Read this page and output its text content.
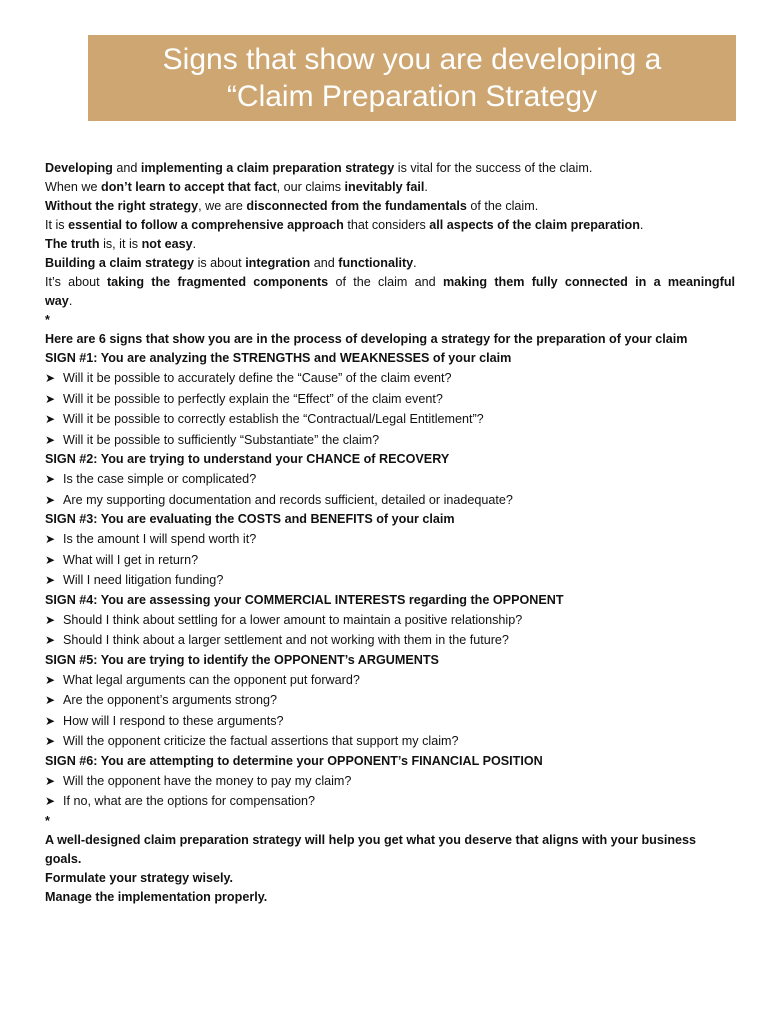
Signs that show you are developing a
“Claim Preparation Strategy
Developing and implementing a claim preparation strategy is vital for the success of the claim.
When we don’t learn to accept that fact, our claims inevitably fail.
Without the right strategy, we are disconnected from the fundamentals of the claim.
It is essential to follow a comprehensive approach that considers all aspects of the claim preparation.
The truth is, it is not easy.
Building a claim strategy is about integration and functionality.
It’s about taking the fragmented components of the claim and making them fully connected in a meaningful
way.
*
Here are 6 signs that show you are in the process of developing a strategy for the preparation of your claim
SIGN #1: You are analyzing the STRENGTHS and WEAKNESSES of your claim
➤ Will it be possible to accurately define the “Cause” of the claim event?
➤ Will it be possible to perfectly explain the “Effect” of the claim event?
➤ Will it be possible to correctly establish the “Contractual/Legal Entitlement”?
➤ Will it be possible to sufficiently “Substantiate” the claim?
SIGN #2: You are trying to understand your CHANCE of RECOVERY
➤ Is the case simple or complicated?
➤ Are my supporting documentation and records sufficient, detailed or inadequate?
SIGN #3: You are evaluating the COSTS and BENEFITS of your claim
➤ Is the amount I will spend worth it?
➤ What will I get in return?
➤ Will I need litigation funding?
SIGN #4: You are assessing your COMMERCIAL INTERESTS regarding the OPPONENT
➤ Should I think about settling for a lower amount to maintain a positive relationship?
➤ Should I think about a larger settlement and not working with them in the future?
SIGN #5: You are trying to identify the OPPONENT’s ARGUMENTS
➤ What legal arguments can the opponent put forward?
➤ Are the opponent’s arguments strong?
➤ How will I respond to these arguments?
➤ Will the opponent criticize the factual assertions that support my claim?
SIGN #6: You are attempting to determine your OPPONENT’s FINANCIAL POSITION
➤ Will the opponent have the money to pay my claim?
➤ If no, what are the options for compensation?
*
A well-designed claim preparation strategy will help you get what you deserve that aligns with your business
goals.
Formulate your strategy wisely.
Manage the implementation properly.
